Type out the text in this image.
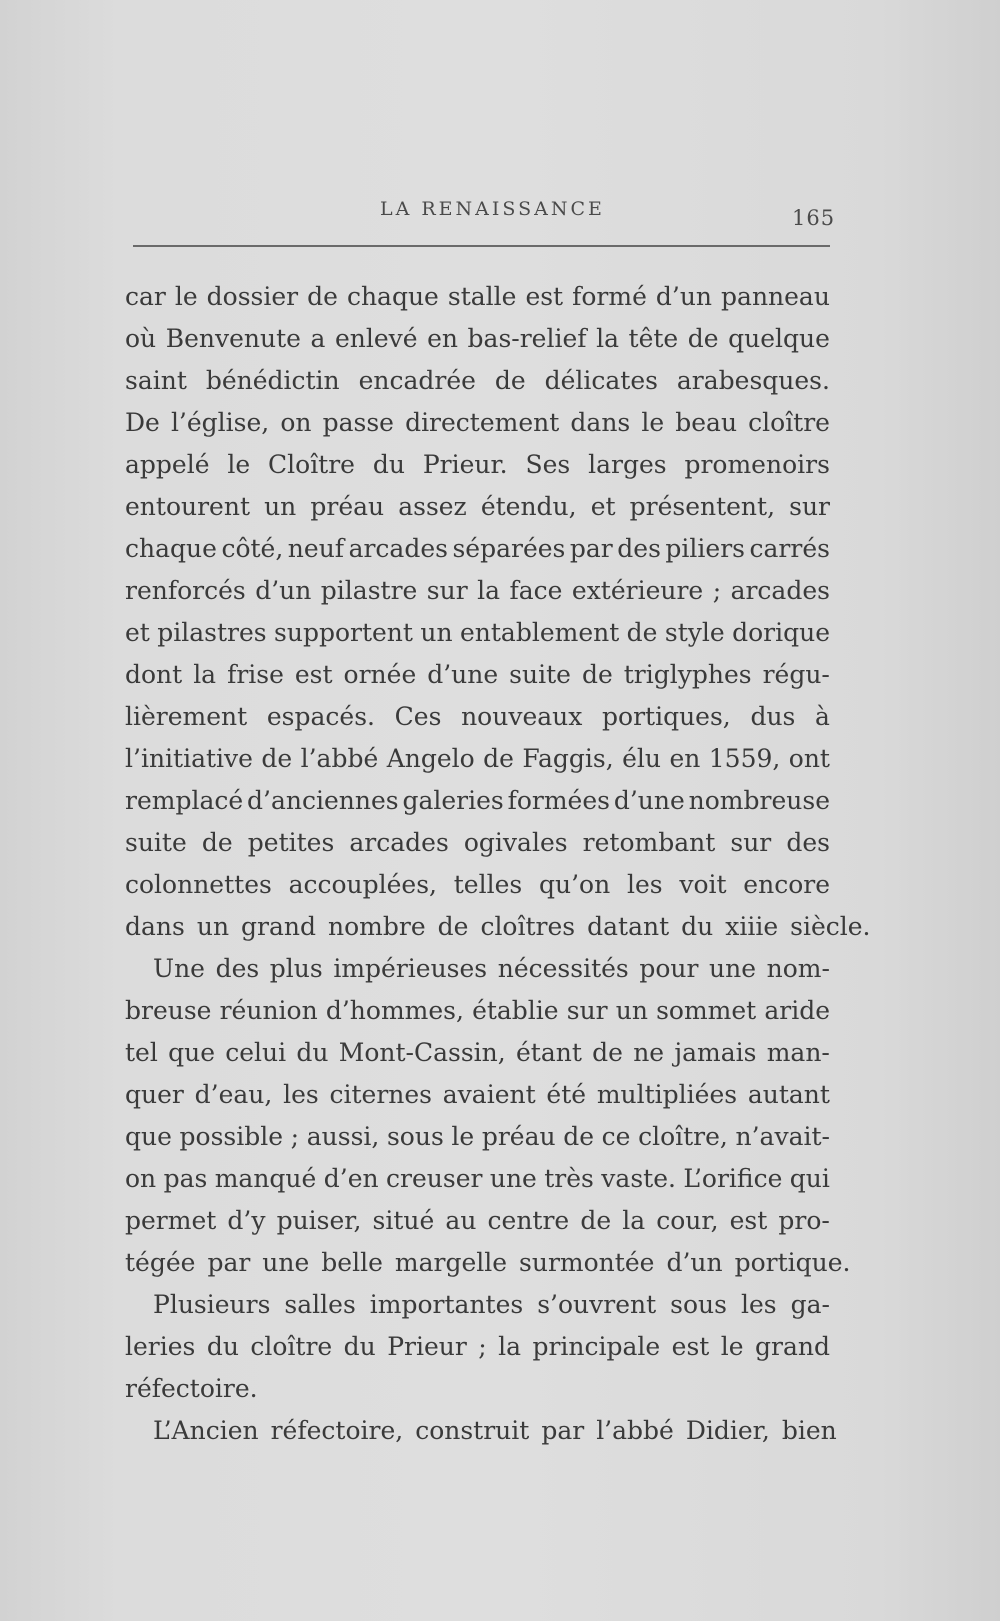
LA RENAISSANCE	165
car le dossier de chaque stalle est formé d’un panneau
où Benvenute a enlevé en bas-relief la tête de quelque
saint bénédictin encadrée de délicates arabesques.
De l’église, on passe directement dans le beau cloître
appelé le Cloître du Prieur. Ses larges promenoirs
entourent un préau assez étendu, et présentent, sur
chaque côté, neuf arcades séparées par des piliers carrés
renforcés d’un pilastre sur la face extérieure ; arcades
et pilastres supportent un entablement de style dorique
dont la frise est ornée d’une suite de triglyphes régu-
lièrement espacés. Ces nouveaux portiques, dus à
l’initiative de l’abbé Angelo de Faggis, élu en 1559, ont
remplacé d’anciennes galeries formées d’une nombreuse
suite de petites arcades ogivales retombant sur des
colonnettes accouplées, telles qu’on les voit encore
dans un grand nombre de cloîtres datant du xiiie siècle.
Une des plus impérieuses nécessités pour une nom-
breuse réunion d’hommes, établie sur un sommet aride
tel que celui du Mont-Cassin, étant de ne jamais man-
quer d’eau, les citernes avaient été multipliées autant
que possible ; aussi, sous le préau de ce cloître, n’avait-
on pas manqué d’en creuser une très vaste. L’orifice qui
permet d’y puiser, situé au centre de la cour, est pro-
tégée par une belle margelle surmontée d’un portique.
Plusieurs salles importantes s’ouvrent sous les ga-
leries du cloître du Prieur ; la principale est le grand
réfectoire.
L’Ancien réfectoire, construit par l’abbé Didier, bien
